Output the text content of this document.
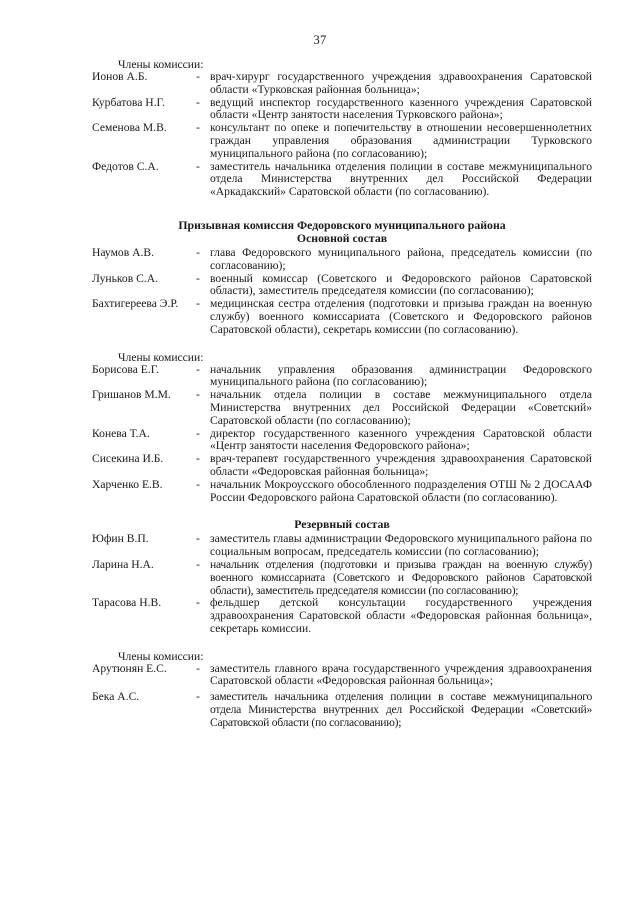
37

Члены комиссии:

Ионов А.Б.	- врач-хирург государственного учреждения здравоохранения Саратовской области «Турковская районная больница»;
Курбатова Н.Г.	- ведущий инспектор государственного казенного учреждения Саратовской области «Центр занятости населения Турковского района»;
Семенова М.В.	- консультант по опеке и попечительству в отношении несовершеннолетних граждан управления образования администрации Турковского муниципального района (по согласованию);
Федотов С.А.	- заместитель начальника отделения полиции в составе межмуниципального отдела Министерства внутренних дел Российской Федерации «Аркадакский» Саратовской области (по согласованию).

Призывная комиссия Федоровского муниципального района

Основной состав

Наумов А.В.	- глава Федоровского муниципального района, председатель комиссии (по согласованию);
Луньков С.А.	- военный комиссар (Советского и Федоровского районов Саратовской области), заместитель председателя комиссии (по согласованию);
Бахтигереева Э.Р.	- медицинская сестра отделения (подготовки и призыва граждан на военную службу) военного комиссариата (Советского и Федоровского районов Саратовской области), секретарь комиссии (по согласованию).

Члены комиссии:

Борисова Е.Г.	- начальник управления образования администрации Федоровского муниципального района (по согласованию);
Гришанов М.М.	- начальник отдела полиции в составе межмуниципального отдела Министерства внутренних дел Российской Федерации «Советский» Саратовской области (по согласованию);
Конева Т.А.	- директор государственного казенного учреждения Саратовской области «Центр занятости населения Федоровского района»;
Сисекина И.Б.	- врач-терапевт государственного учреждения здравоохранения Саратовской области «Федоровская районная больница»;
Харченко Е.В.	- начальник Мокроусского обособленного подразделения ОТШ № 2 ДОСААФ России Федоровского района Саратовской области (по согласованию).

Резервный состав

Юфин В.П.	- заместитель главы администрации Федоровского муниципального района по социальным вопросам, председатель комиссии (по согласованию);
Ларина Н.А.	- начальник отделения (подготовки и призыва граждан на военную службу) военного комиссариата (Советского и Федоровского районов Саратовской области), заместитель председателя комиссии (по согласованию);
Тарасова Н.В.	- фельдшер детской консультации государственного учреждения здравоохранения Саратовской области «Федоровская районная больница», секретарь комиссии.

Члены комиссии:

Арутюнян Е.С.	- заместитель главного врача государственного учреждения здравоохранения Саратовской области «Федоровская районная больница»;
Бека А.С.	- заместитель начальника отделения полиции в составе межмуниципального отдела Министерства внутренних дел Российской Федерации «Советский» Саратовской области (по согласованию);
